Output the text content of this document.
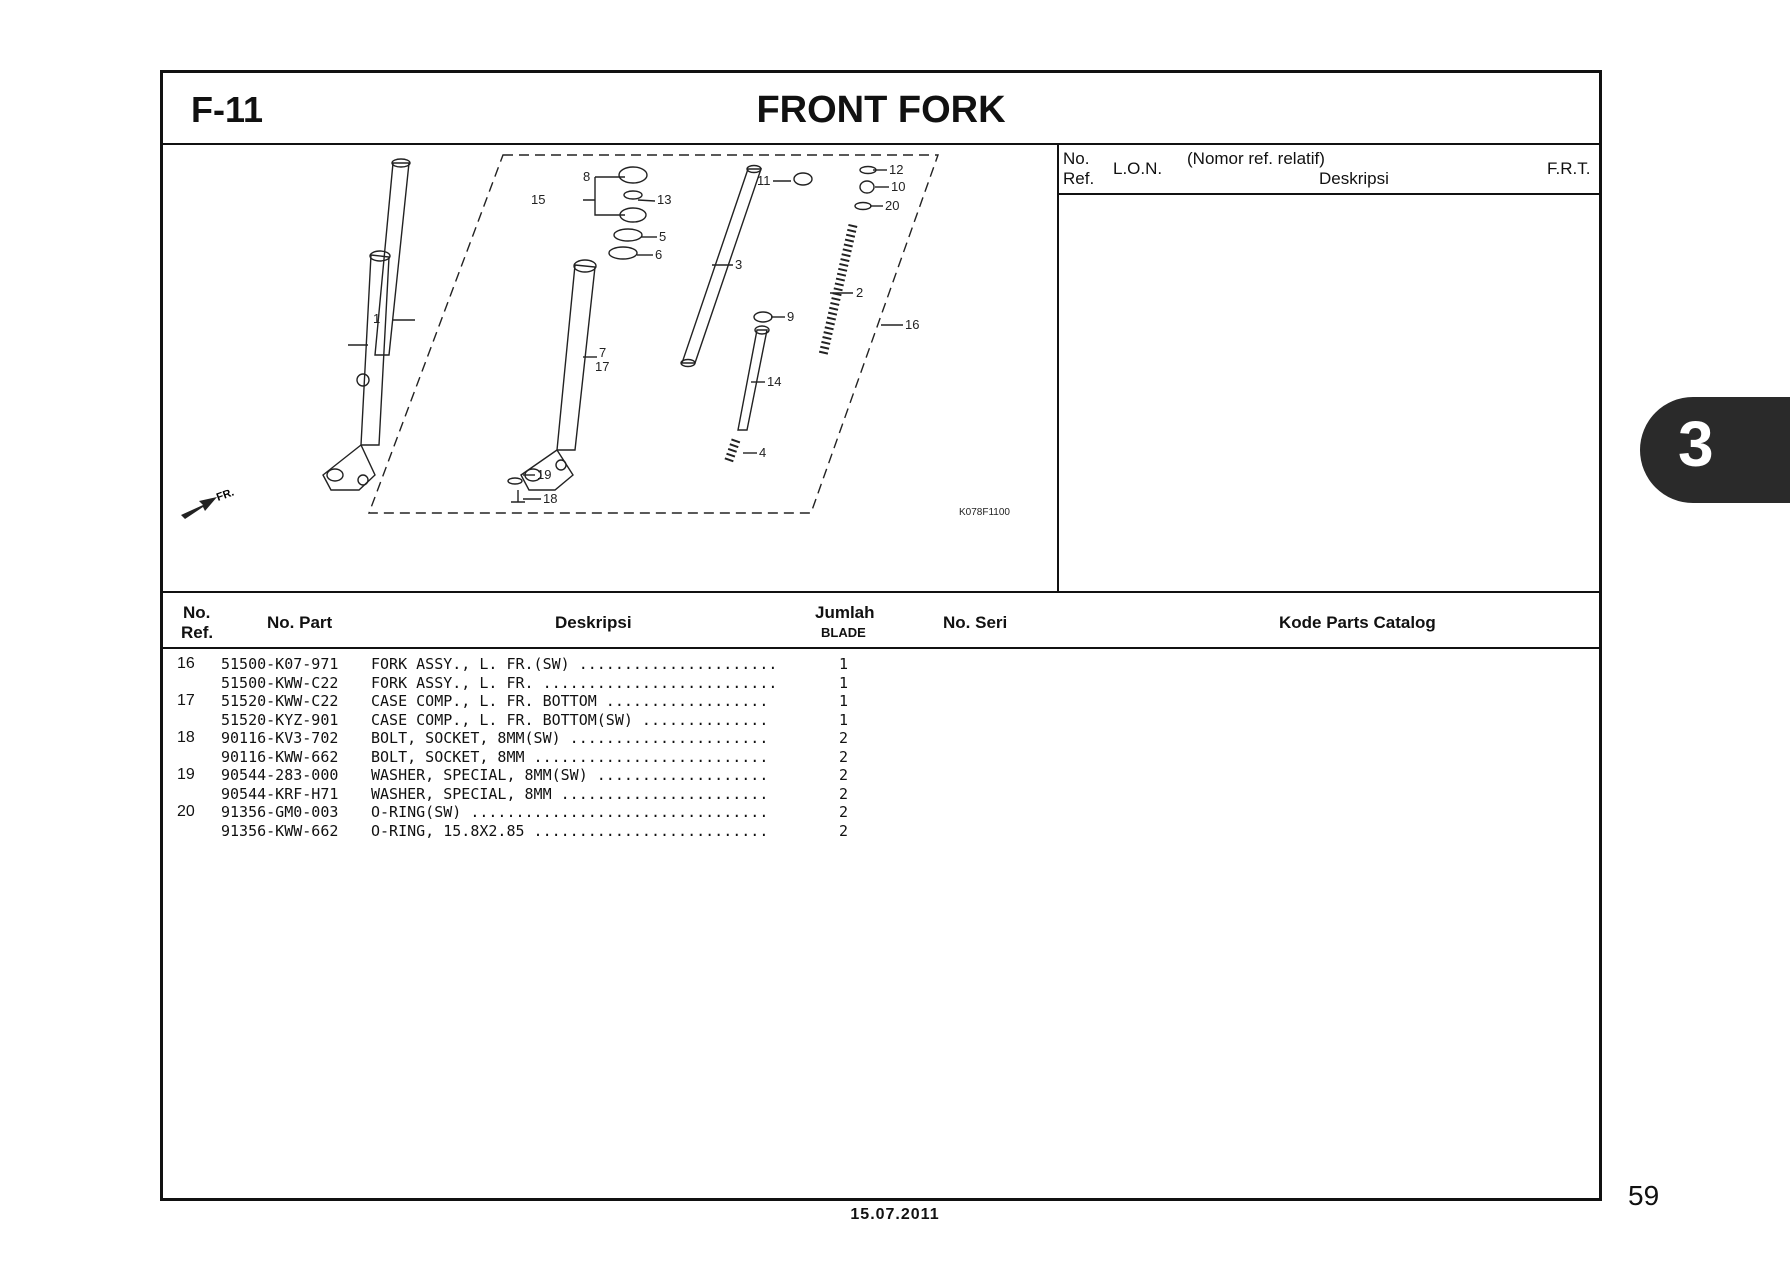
F-11	FRONT FORK
FR.
1
2
3
4
5
6
7
17
8
9
10
11
12
13
14
15
16
18
19
20
K078F1100
No.
Ref.
L.O.N.
(Nomor ref. relatif)
Deskripsi
F.R.T.
No.
Ref.
No. Part	Deskripsi
Jumlah
BLADE
No. Seri	Kode Parts Catalog
16 51500-K07-971 FORK ASSY., L. FR.(SW) ......................	1
51500-KWW-C22 FORK ASSY., L. FR. ..........................	1
17 51520-KWW-C22 CASE COMP., L. FR. BOTTOM ..................	1
51520-KYZ-901 CASE COMP., L. FR. BOTTOM(SW) ..............	1
18 90116-KV3-702 BOLT, SOCKET, 8MM(SW) ......................	2
90116-KWW-662 BOLT, SOCKET, 8MM ..........................	2
19 90544-283-000 WASHER, SPECIAL, 8MM(SW) ...................	2
90544-KRF-H71 WASHER, SPECIAL, 8MM .......................	2
20 91356-GM0-003 O-RING(SW) .................................	2
91356-KWW-662 O-RING, 15.8X2.85 ..........................	2
3
59
15.07.2011
